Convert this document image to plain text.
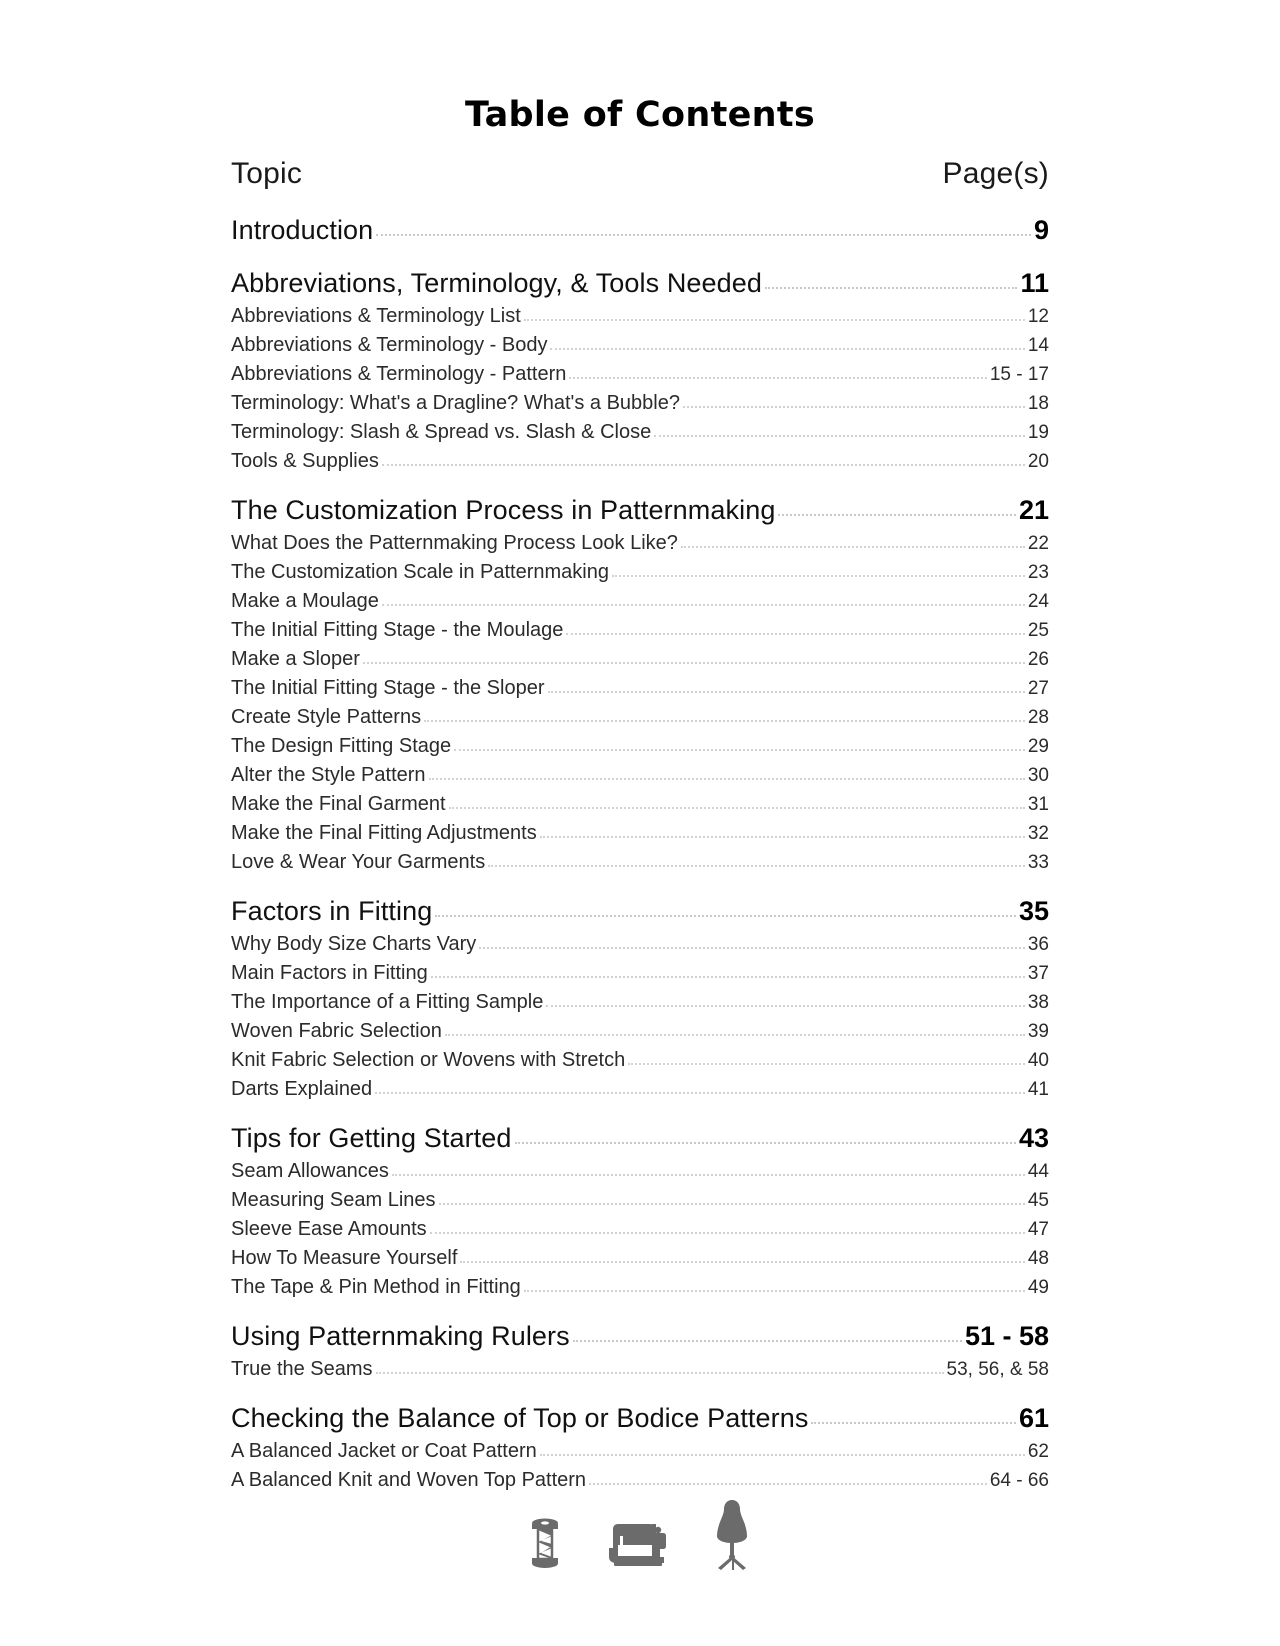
Table of Contents
Topic	Page(s)
Introduction	9
Abbreviations, Terminology, & Tools Needed	11
Abbreviations & Terminology List	12
Abbreviations & Terminology - Body	14
Abbreviations & Terminology - Pattern	15 - 17
Terminology: What's a Dragline? What's a Bubble?	18
Terminology: Slash & Spread vs. Slash & Close	19
Tools & Supplies	20
The Customization Process in Patternmaking	21
What Does the Patternmaking Process Look Like?	22
The Customization Scale in Patternmaking	23
Make a Moulage	24
The Initial Fitting Stage - the Moulage	25
Make a Sloper	26
The Initial Fitting Stage - the Sloper	27
Create Style Patterns	28
The Design Fitting Stage	29
Alter the Style Pattern	30
Make the Final Garment	31
Make the Final Fitting Adjustments	32
Love & Wear Your Garments	33
Factors in Fitting	35
Why Body Size Charts Vary	36
Main Factors in Fitting	37
The Importance of a Fitting Sample	38
Woven Fabric Selection	39
Knit Fabric Selection or Wovens with Stretch	40
Darts Explained	41
Tips for Getting Started	43
Seam Allowances	44
Measuring Seam Lines	45
Sleeve Ease Amounts	47
How To Measure Yourself	48
The Tape & Pin Method in Fitting	49
Using Patternmaking Rulers	51 - 58
True the Seams	53, 56, & 58
Checking the Balance of Top or Bodice Patterns	61
A Balanced Jacket or Coat Pattern	62
A Balanced Knit and Woven Top Pattern	64 - 66
